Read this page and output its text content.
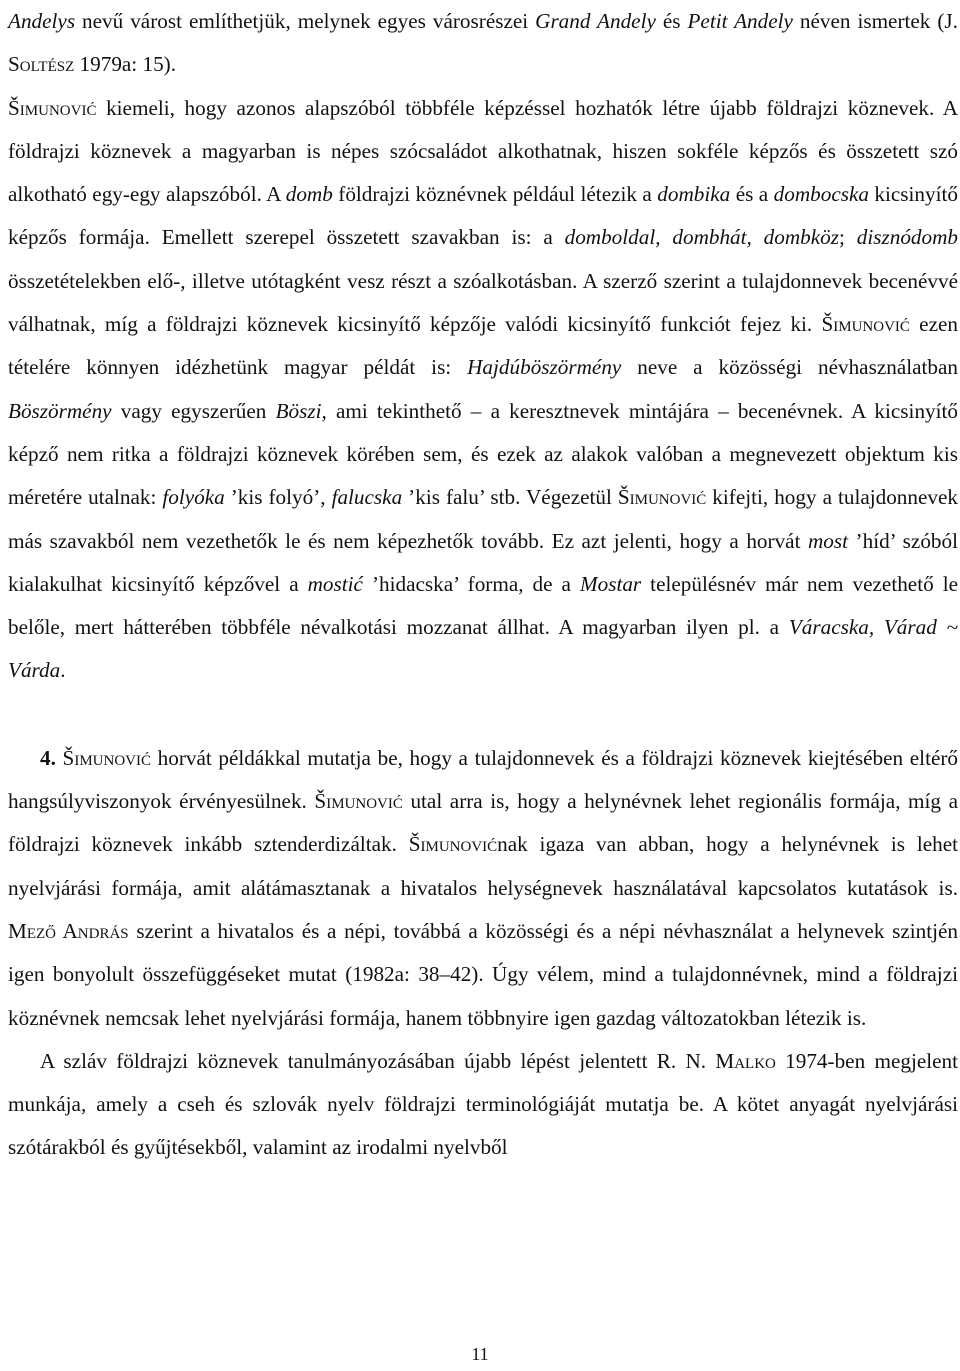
Andelys nevű várost említhetjük, melynek egyes városrészei Grand Andely és Petit Andely néven ismertek (J. Soltész 1979a: 15).

Šimunović kiemeli, hogy azonos alapszóból többféle képzéssel hozhatók létre újabb földrajzi köznevek. A földrajzi köznevek a magyarban is népes szócsaládot alkothatnak, hiszen sokféle képzős és összetett szó alkotható egy-egy alapszóból. A domb földrajzi köznévnek például létezik a dombika és a dombocska kicsinyítő képzős formája. Emellett szerepel összetett szavakban is: a domboldal, dombhát, dombköz; disznódomb összetételekben elő-, illetve utótagként vesz részt a szóalkotásban. A szerző szerint a tulajdonnevek becenévvé válhatnak, míg a földrajzi köznevek kicsinyítő képzője valódi kicsinyítő funkciót fejez ki. Šimunović ezen tételére könnyen idézhetünk magyar példát is: Hajdúböszörmény neve a közösségi névhasználatban Böszörmény vagy egyszerűen Böszi, ami tekinthető – a keresztnevek mintájára – becenévnek. A kicsinyítő képző nem ritka a földrajzi köznevek körében sem, és ezek az alakok valóban a megnevezett objektum kis méretére utalnak: folyóka ’kis folyó’, falucska ’kis falu’ stb. Végezetül Šimunović kifejti, hogy a tulajdonnevek más szavakból nem vezethetők le és nem képezhetők tovább. Ez azt jelenti, hogy a horvát most ’híd’ szóból kialakulhat kicsinyítő képzővel a mostić ’hidacska’ forma, de a Mostar településnév már nem vezethető le belőle, mert hátterében többféle névalkotási mozzanat állhat. A magyarban ilyen pl. a Váracska, Várad ~ Várda.

4. Šimunović horvát példákkal mutatja be, hogy a tulajdonnevek és a földrajzi köznevek kiejtésében eltérő hangsúlyviszonyok érvényesülnek. Šimunović utal arra is, hogy a helynévnek lehet regionális formája, míg a földrajzi köznevek inkább sztenderdizáltak. Šimunovićnak igaza van abban, hogy a helynévnek is lehet nyelvjárási formája, amit alátámasztanak a hivatalos helységnevek használatával kapcsolatos kutatások is. Mező András szerint a hivatalos és a népi, továbbá a közösségi és a népi névhasználat a helynevek szintjén igen bonyolult összefüggéseket mutat (1982a: 38–42). Úgy vélem, mind a tulajdonnévnek, mind a földrajzi köznévnek nemcsak lehet nyelvjárási formája, hanem többnyire igen gazdag változatokban létezik is.

A szláv földrajzi köznevek tanulmányozásában újabb lépést jelentett R. N. Malko 1974-ben megjelent munkája, amely a cseh és szlovák nyelv földrajzi terminológiáját mutatja be. A kötet anyagát nyelvjárási szótárakból és gyűjtésekből, valamint az irodalmi nyelvből

11
